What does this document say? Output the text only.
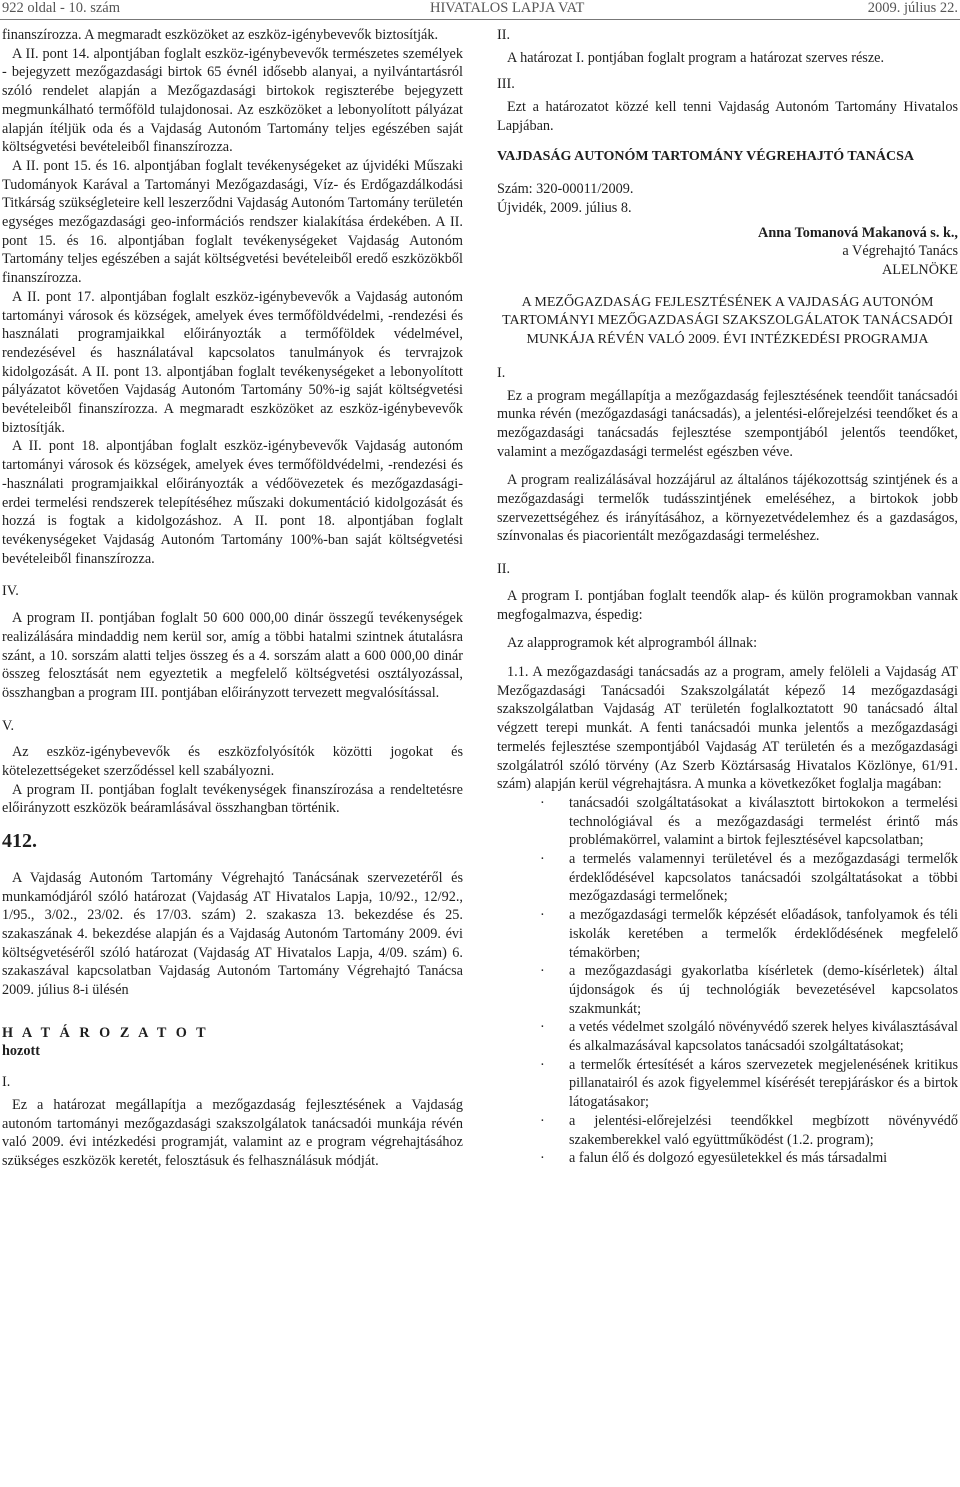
922 oldal - 10. szám	HIVATALOS LAPJA VAT	2009. július 22.

finanszírozza. A megmaradt eszközöket az eszköz-igénybevevők biztosítják.

A II. pont 14. alpontjában foglalt eszköz-igénybevevők természetes személyek - bejegyzett mezőgazdasági birtok 65 évnél idősebb alanyai, a nyilvántartásról szóló rendelet alapján a Mezőgazdasági birtokok regiszterébe bejegyzett megmunkálható termőföld tulajdonosai. Az eszközöket a lebonyolított pályázat alapján ítéljük oda és a Vajdaság Autonóm Tartomány teljes egészében saját költségvetési bevételeiből finanszírozza.

A II. pont 15. és 16. alpontjában foglalt tevékenységeket az újvidéki Műszaki Tudományok Karával a Tartományi Mezőgazdasági, Víz- és Erdőgazdálkodási Titkárság szükségleteire kell leszerződni Vajdaság Autonóm Tartomány területén egységes mezőgazdasági geo-információs rendszer kialakítása érdekében. A II. pont 15. és 16. alpontjában foglalt tevékenységeket Vajdaság Autonóm Tartomány teljes egészében a saját költségvetési bevételeiből eredő eszközökből finanszírozza.

A II. pont 17. alpontjában foglalt eszköz-igénybevevők a Vajdaság autonóm tartományi városok és községek, amelyek éves termőföldvédelmi, -rendezési és használati programjaikkal előirányozták a termőföldek védelmével, rendezésével és használatával kapcsolatos tanulmányok és tervrajzok kidolgozását. A II. pont 13. alpontjában foglalt tevékenységeket a lebonyolított pályázatot követően Vajdaság Autonóm Tartomány 50%-ig saját költségvetési bevételeiből finanszírozza. A megmaradt eszközöket az eszköz-igénybevevők biztosítják.

A II. pont 18. alpontjában foglalt eszköz-igénybevevők Vajdaság autonóm tartományi városok és községek, amelyek éves termőföldvédelmi, -rendezési és -használati programjaikkal előirányozták a védőövezetek és mezőgazdasági-erdei termelési rendszerek telepítéséhez műszaki dokumentáció kidolgozását és hozzá is fogtak a kidolgozáshoz. A II. pont 18. alpontjában foglalt tevékenységeket Vajdaság Autonóm Tartomány 100%-ban saját költségvetési bevételeiből finanszírozza.

IV.

A program II. pontjában foglalt 50 600 000,00 dinár összegű tevékenységek realizálására mindaddig nem kerül sor, amíg a többi hatalmi szintnek átutalásra szánt, a 10. sorszám alatti teljes összeg és a 4. sorszám alatt a 600 000,00 dinár összeg felosztását nem egyeztetik a megfelelő költségvetési osztályozással, összhangban a program III. pontjában előirányzott tervezett megvalósítással.

V.

Az eszköz-igénybevevők és eszközfolyósítók közötti jogokat és kötelezettségeket szerződéssel kell szabályozni.

A program II. pontjában foglalt tevékenységek finanszírozása a rendeltetésre előirányzott eszközök beáramlásával összhangban történik.

412.

A Vajdaság Autonóm Tartomány Végrehajtó Tanácsának szervezetéről és munkamódjáról szóló határozat (Vajdaság AT Hivatalos Lapja, 10/92., 12/92., 1/95., 3/02., 23/02. és 17/03. szám) 2. szakasza 13. bekezdése és 25. szakaszának 4. bekezdése alapján és a Vajdaság Autonóm Tartomány 2009. évi költségvetéséről szóló határozat (Vajdaság AT Hivatalos Lapja, 4/09. szám) 6. szakaszával kapcsolatban Vajdaság Autonóm Tartomány Végrehajtó Tanácsa 2009. július 8-i ülésén

H A T Á R O Z A T O T

hozott

I.

Ez a határozat megállapítja a mezőgazdaság fejlesztésének a Vajdaság autonóm tartományi mezőgazdasági szakszolgálatok tanácsadói munkája révén való 2009. évi intézkedési programját, valamint az e program végrehajtásához szükséges eszközök keretét, felosztásuk és felhasználásuk módját.

II.

A határozat I. pontjában foglalt program a határozat szerves része.

III.

Ezt a határozatot közzé kell tenni Vajdaság Autonóm Tartomány Hivatalos Lapjában.

VAJDASÁG AUTONÓM TARTOMÁNY VÉGREHAJTÓ TANÁCSA

Szám: 320-00011/2009.

Újvidék, 2009. július 8.

Anna Tomanová Makanová s. k.,

a Végrehajtó Tanács

ALELNÖKE

A MEZŐGAZDASÁG FEJLESZTÉSÉNEK A VAJDASÁG AUTONÓM TARTOMÁNYI MEZŐGAZDASÁGI SZAKSZOLGÁLATOK TANÁCSADÓI MUNKÁJA RÉVÉN VALÓ 2009. ÉVI INTÉZKEDÉSI PROGRAMJA

I.

Ez a program megállapítja a mezőgazdaság fejlesztésének teendőit tanácsadói munka révén (mezőgazdasági tanácsadás), a jelentési-előrejelzési teendőket és a mezőgazdasági tanácsadás fejlesztése szempontjából jelentős teendőket, valamint a mezőgazdasági termelést egészben véve.

A program realizálásával hozzájárul az általános tájékozottság szintjének és a mezőgazdasági termelők tudásszintjének emeléséhez, a birtokok jobb szervezettségéhez és irányításához, a környezetvédelemhez és a gazdaságos, színvonalas és piacorientált mezőgazdasági termeléshez.

II.

A program I. pontjában foglalt teendők alap- és külön programokban vannak megfogalmazva, éspedig:

Az alapprogramok két alprogramból állnak:

1.1. A mezőgazdasági tanácsadás az a program, amely felöleli a Vajdaság AT Mezőgazdasági Tanácsadói Szakszolgálatát képező 14 mezőgazdasági szakszolgálatban Vajdaság AT területén foglalkoztatott 90 tanácsadó által végzett terepi munkát. A fenti tanácsadói munka jelentős a mezőgazdasági termelés fejlesztése szempontjából Vajdaság AT területén és a mezőgazdasági szolgálatról szóló törvény (Az Szerb Köztársaság Hivatalos Közlönye, 61/91. szám) alapján kerül végrehajtásra. A munka a következőket foglalja magában:

· tanácsadói szolgáltatásokat a kiválasztott birtokokon a termelési technológiával és a mezőgazdasági termelést érintő más problémakörrel, valamint a birtok fejlesztésével kapcsolatban;
· a termelés valamennyi területével és a mezőgazdasági termelők érdeklődésével kapcsolatos tanácsadói szolgáltatásokat a többi mezőgazdasági termelőnek;
· a mezőgazdasági termelők képzését előadások, tanfolyamok és téli iskolák keretében a termelők érdeklődésének megfelelő témakörben;
· a mezőgazdasági gyakorlatba kísérletek (demo-kísérletek) által újdonságok és új technológiák bevezetésével kapcsolatos szakmunkát;
· a vetés védelmet szolgáló növényvédő szerek helyes kiválasztásával és alkalmazásával kapcsolatos tanácsadói szolgáltatásokat;
· a termelők értesítését a káros szervezetek megjelenésének kritikus pillanatairól és azok figyelemmel kísérését terepjáráskor és a birtok látogatásakor;
· a jelentési-előrejelzési teendőkkel megbízott növényvédő szakemberekkel való együttműködést (1.2. program);
· a falun élő és dolgozó egyesületekkel és más társadalmi
